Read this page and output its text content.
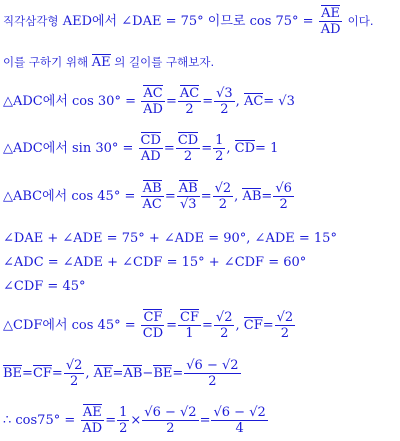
직각삼각형 AED에서 ∠DAE = 75° 이므로 $\cos 75^\circ = \frac{AE}{AD}$ 이다.
이를 구하기 위해 AE 의 길이를 구해보자.
△ADC에서 $\cos 30^\circ = \frac{AC}{AD} = \frac{AC}{2} = \frac{√3}{2}$ , AC= √3
△ADC에서 $\sin 30^\circ = \frac{CD}{AD} = \frac{CD}{2} = \frac{1}{2}$ , CD= 1
△ABC에서 $\cos 45^\circ = \frac{AB}{AC} = \frac{AB}{√3} = \frac{√2}{2}$ , $AB= \frac{√6}{2}$
∠DAE + ∠ADE = 75° + ∠ADE = 90°, ∠ADE = 15°
∠ADC = ∠ADE + ∠CDF = 15° + ∠CDF = 60°
∠CDF = 45°
△CDF에서 $\cos 45^\circ = \frac{CF}{CD} = \frac{CF}{1} = \frac{√2}{2}$ , $CF= \frac{√2}{2}$
$BE=CF= \frac{√2}{2}$ , $AE=AB-BE= \frac{√6 - √2}{2}$
∴ $\cos 75^\circ = \frac{AE}{AD} = \frac{1}{2} \times \frac{√6 - √2}{2} = \frac{√6 - √2}{4}$
